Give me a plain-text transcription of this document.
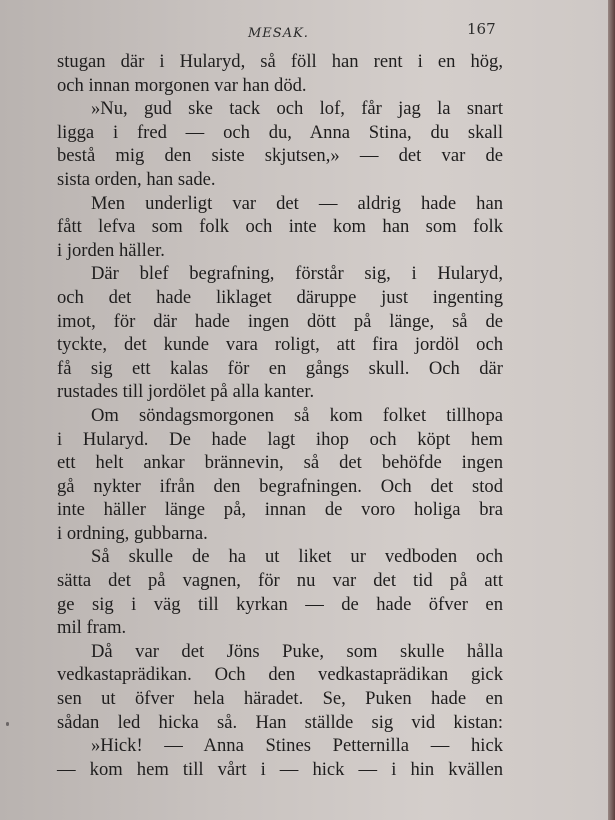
MESAK.	167
stugan där i Hularyd, så föll han rent i en hög,
och innan morgonen var han död.
»Nu, gud ske tack och lof, får jag la snart
ligga i fred — och du, Anna Stina, du skall
bestå mig den siste skjutsen,» — det var de
sista orden, han sade.
Men underligt var det — aldrig hade han
fått lefva som folk och inte kom han som folk
i jorden häller.
Där blef begrafning, förstår sig, i Hularyd,
och det hade liklaget däruppe just ingenting
imot, för där hade ingen dött på länge, så de
tyckte, det kunde vara roligt, att fira jordöl och
få sig ett kalas för en gångs skull. Och där
rustades till jordölet på alla kanter.
Om söndagsmorgonen så kom folket tillhopa
i Hularyd. De hade lagt ihop och köpt hem
ett helt ankar brännevin, så det behöfde ingen
gå nykter ifrån den begrafningen. Och det stod
inte häller länge på, innan de voro holiga bra
i ordning, gubbarna.
Så skulle de ha ut liket ur vedboden och
sätta det på vagnen, för nu var det tid på att
ge sig i väg till kyrkan — de hade öfver en
mil fram.
Då var det Jöns Puke, som skulle hålla
vedkastaprädikan. Och den vedkastaprädikan gick
sen ut öfver hela häradet. Se, Puken hade en
sådan led hicka så. Han ställde sig vid kistan:
»Hick! — Anna Stines Petternilla — hick
— kom hem till vårt i — hick — i hin kvällen
